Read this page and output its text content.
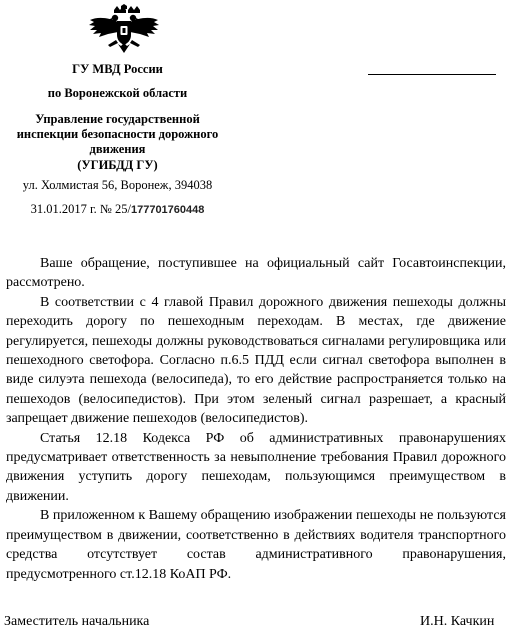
ГУ МВД России
по Воронежской области
Управление государственной
инспекции безопасности дорожного
движения
(УГИБДД ГУ)
ул. Холмистая 56, Воронеж, 394038
31.01.2017 г. № 25/177701760448

Ваше обращение, поступившее на официальный сайт Госавтоинспекции, рассмотрено.

В соответствии с 4 главой Правил дорожного движения пешеходы должны переходить дорогу по пешеходным переходам. В местах, где движение регулируется, пешеходы должны руководствоваться сигналами регулировщика или пешеходного светофора. Согласно п.6.5 ПДД если сигнал светофора выполнен в виде силуэта пешехода (велосипеда), то его действие распространяется только на пешеходов (велосипедистов). При этом зеленый сигнал разрешает, а красный запрещает движение пешеходов (велосипедистов).

Статья 12.18 Кодекса РФ об административных правонарушениях предусматривает ответственность за невыполнение требования Правил дорожного движения уступить дорогу пешеходам, пользующимся преимуществом в движении.

В приложенном к Вашему обращению изображении пешеходы не пользуются преимуществом в движении, соответственно в действиях водителя транспортного средства отсутствует состав административного правонарушения, предусмотренного ст.12.18 КоАП РФ.

Заместитель начальника	И.Н. Качкин
